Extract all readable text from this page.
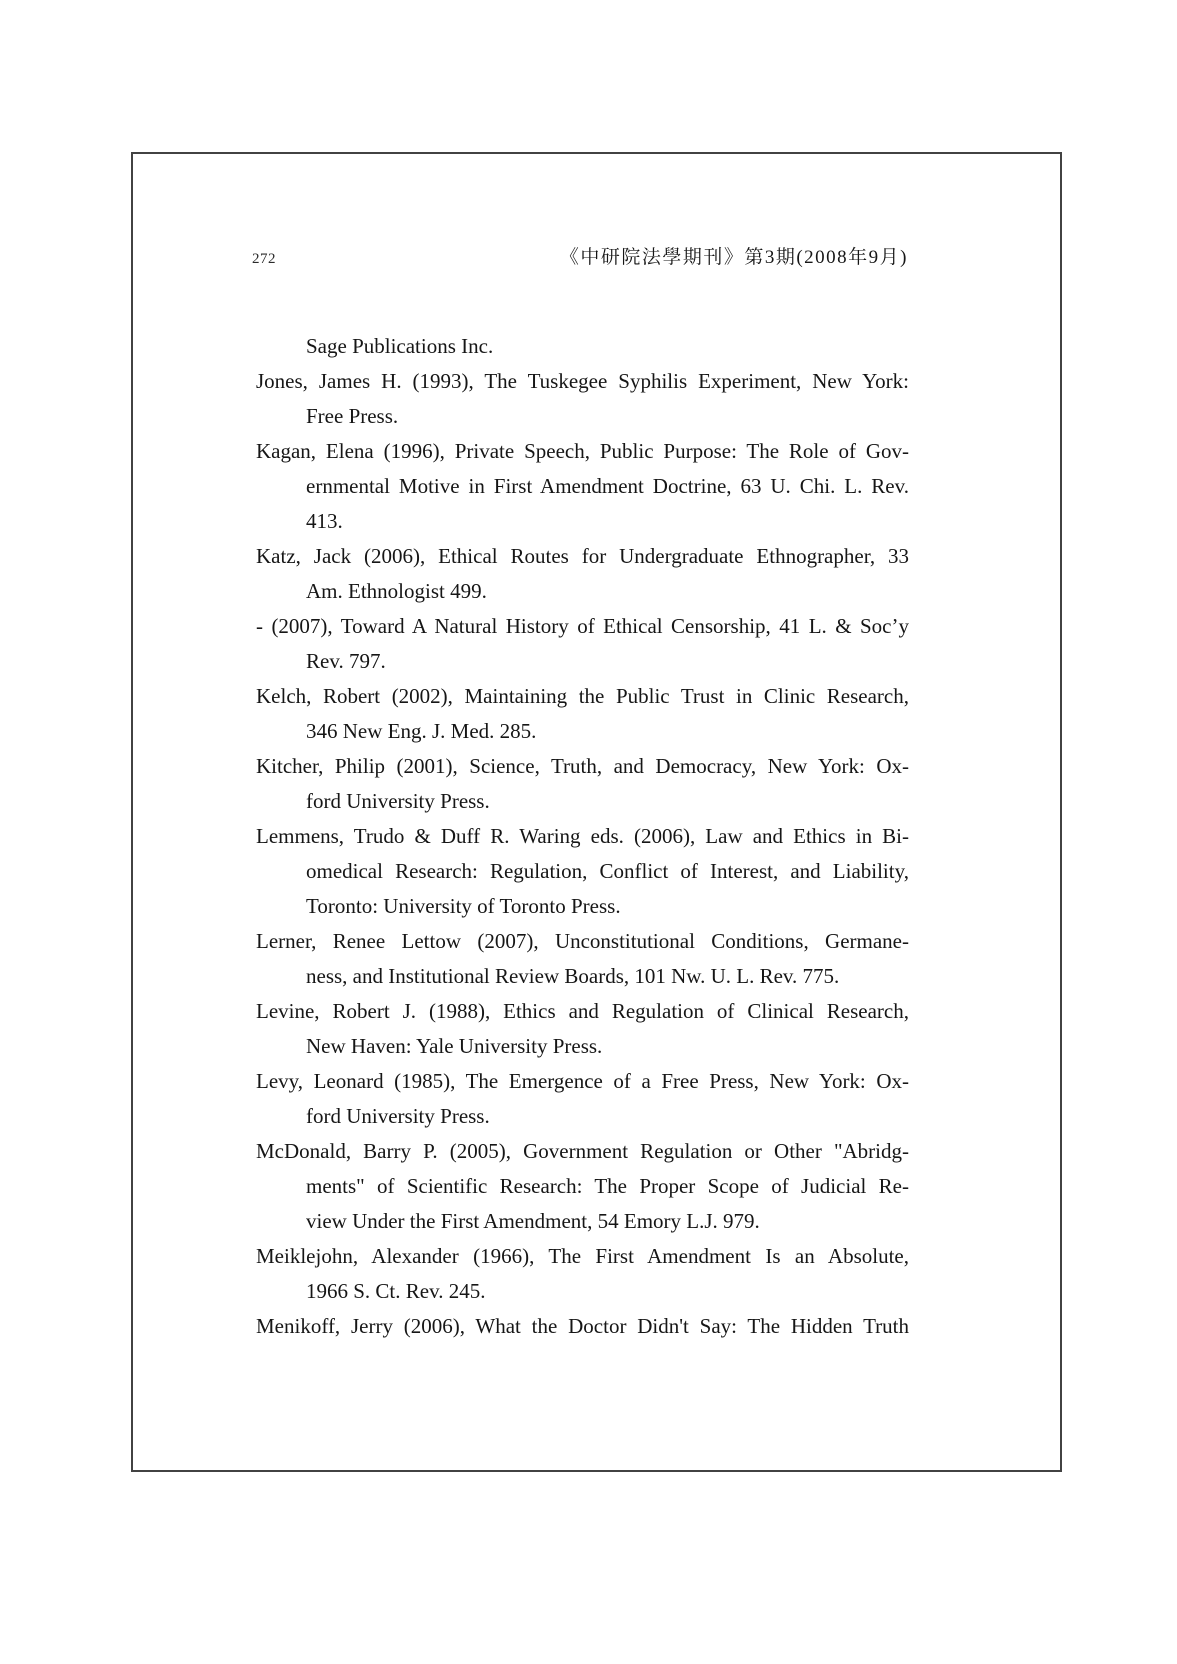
272	《中研院法學期刊》第3期(2008年9月)
Sage Publications Inc.
Jones, James H. (1993), The Tuskegee Syphilis Experiment, New York:
Free Press.
Kagan, Elena (1996), Private Speech, Public Purpose: The Role of Gov-
ernmental Motive in First Amendment Doctrine, 63 U. Chi. L. Rev.
413.
Katz, Jack (2006), Ethical Routes for Undergraduate Ethnographer, 33
Am. Ethnologist 499.
- (2007), Toward A Natural History of Ethical Censorship, 41 L. & Soc’y
Rev. 797.
Kelch, Robert (2002), Maintaining the Public Trust in Clinic Research,
346 New Eng. J. Med. 285.
Kitcher, Philip (2001), Science, Truth, and Democracy, New York: Ox-
ford University Press.
Lemmens, Trudo & Duff R. Waring eds. (2006), Law and Ethics in Bi-
omedical Research: Regulation, Conflict of Interest, and Liability,
Toronto: University of Toronto Press.
Lerner, Renee Lettow (2007), Unconstitutional Conditions, Germane-
ness, and Institutional Review Boards, 101 Nw. U. L. Rev. 775.
Levine, Robert J. (1988), Ethics and Regulation of Clinical Research,
New Haven: Yale University Press.
Levy, Leonard (1985), The Emergence of a Free Press, New York: Ox-
ford University Press.
McDonald, Barry P. (2005), Government Regulation or Other "Abridg-
ments" of Scientific Research: The Proper Scope of Judicial Re-
view Under the First Amendment, 54 Emory L.J. 979.
Meiklejohn, Alexander (1966), The First Amendment Is an Absolute,
1966 S. Ct. Rev. 245.
Menikoff, Jerry (2006), What the Doctor Didn't Say: The Hidden Truth
